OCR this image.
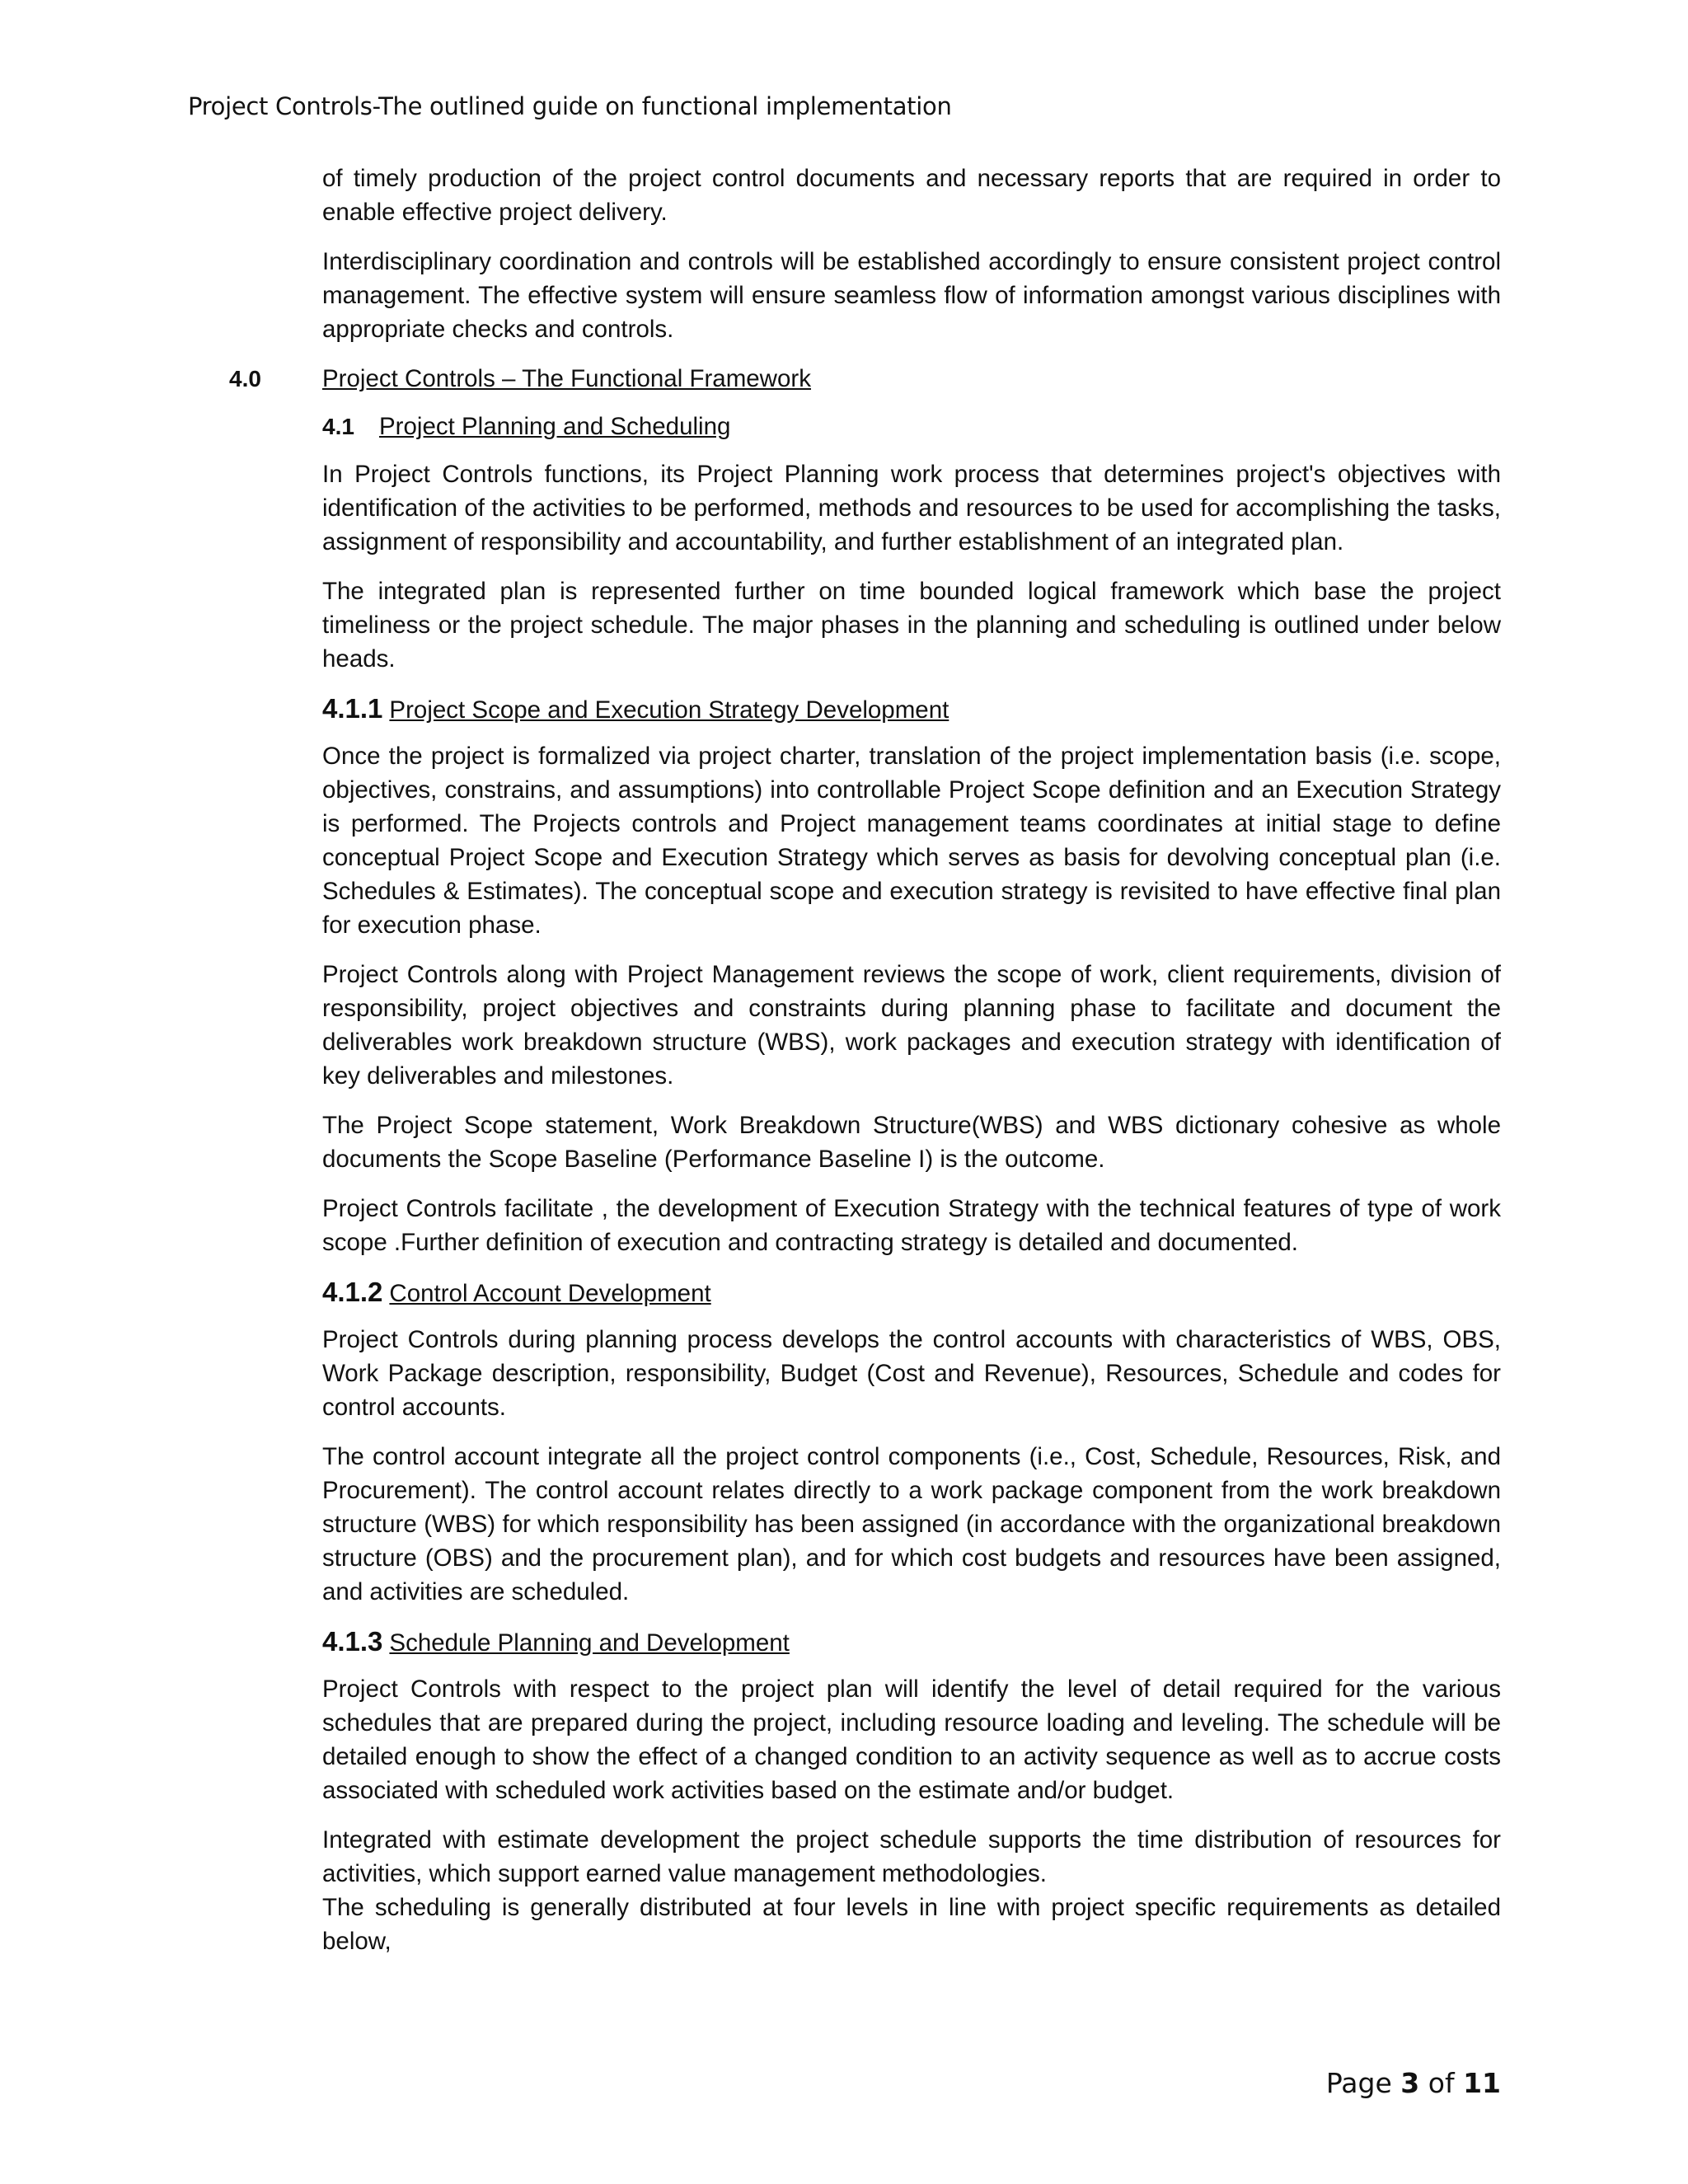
Project Controls-The outlined guide on functional implementation

of timely production of the project control documents and necessary reports that are required in order to enable effective project delivery.

Interdisciplinary coordination and controls will be established accordingly to ensure consistent project control management. The effective system will ensure seamless flow of information amongst various disciplines with appropriate checks and controls.

4.0	Project Controls – The Functional Framework
4.1 Project Planning and Scheduling

In Project Controls functions, its Project Planning work process that determines project's objectives with identification of the activities to be performed, methods and resources to be used for accomplishing the tasks, assignment of responsibility and accountability, and further establishment of an integrated plan.

The integrated plan is represented further on time bounded logical framework which base the project timeliness or the project schedule. The major phases in the planning and scheduling is outlined under below heads.

4.1.1 Project Scope and Execution Strategy Development

Once the project is formalized via project charter, translation of the project implementation basis (i.e. scope, objectives, constrains, and assumptions) into controllable Project Scope definition and an Execution Strategy is performed. The Projects controls and Project management teams coordinates at initial stage to define conceptual Project Scope and Execution Strategy which serves as basis for devolving conceptual plan (i.e. Schedules & Estimates). The conceptual scope and execution strategy is revisited to have effective final plan for execution phase.

Project Controls along with Project Management reviews the scope of work, client requirements, division of responsibility, project objectives and constraints during planning phase to facilitate and document the deliverables work breakdown structure (WBS), work packages and execution strategy with identification of key deliverables and milestones.

The Project Scope statement, Work Breakdown Structure(WBS) and WBS dictionary cohesive as whole documents the Scope Baseline (Performance Baseline I) is the outcome.

Project Controls facilitate , the development of Execution Strategy with the technical features of type of work scope .Further definition of execution and contracting strategy is detailed and documented.

4.1.2 Control Account Development

Project Controls during planning process develops the control accounts with characteristics of WBS, OBS, Work Package description, responsibility, Budget (Cost and Revenue), Resources, Schedule and codes for control accounts.

The control account integrate all the project control components (i.e., Cost, Schedule, Resources, Risk, and Procurement). The control account relates directly to a work package component from the work breakdown structure (WBS) for which responsibility has been assigned (in accordance with the organizational breakdown structure (OBS) and the procurement plan), and for which cost budgets and resources have been assigned, and activities are scheduled.

4.1.3 Schedule Planning and Development

Project Controls with respect to the project plan will identify the level of detail required for the various schedules that are prepared during the project, including resource loading and leveling. The schedule will be detailed enough to show the effect of a changed condition to an activity sequence as well as to accrue costs associated with scheduled work activities based on the estimate and/or budget.

Integrated with estimate development the project schedule supports the time distribution of resources for activities, which support earned value management methodologies.

The scheduling is generally distributed at four levels in line with project specific requirements as detailed below,

Page 3 of 11
